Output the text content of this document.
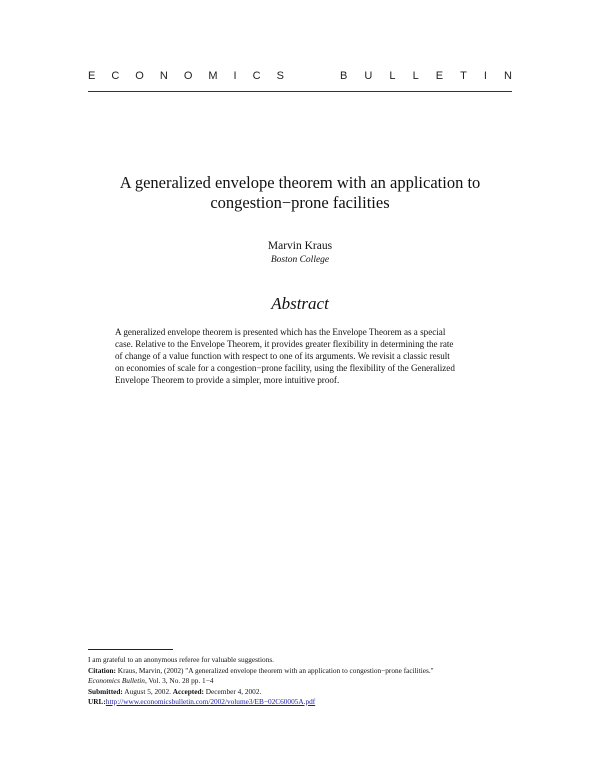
E C O N O M I C S	B U L L E T I N
A generalized envelope theorem with an application to
congestion−prone facilities
Marvin Kraus
Boston College
Abstract
A generalized envelope theorem is presented which has the Envelope Theorem as a special
case. Relative to the Envelope Theorem, it provides greater flexibility in determining the rate
of change of a value function with respect to one of its arguments. We revisit a classic result
on economies of scale for a congestion−prone facility, using the flexibility of the Generalized
Envelope Theorem to provide a simpler, more intuitive proof.
I am grateful to an anonymous referee for valuable suggestions.
Citation: Kraus, Marvin, (2002) "A generalized envelope theorem with an application to congestion−prone facilities."
Economics Bulletin, Vol. 3, No. 28 pp. 1−4
Submitted: August 5, 2002. Accepted: December 4, 2002.
URL:http://www.economicsbulletin.com/2002/volume3/EB−02C60005A.pdf
